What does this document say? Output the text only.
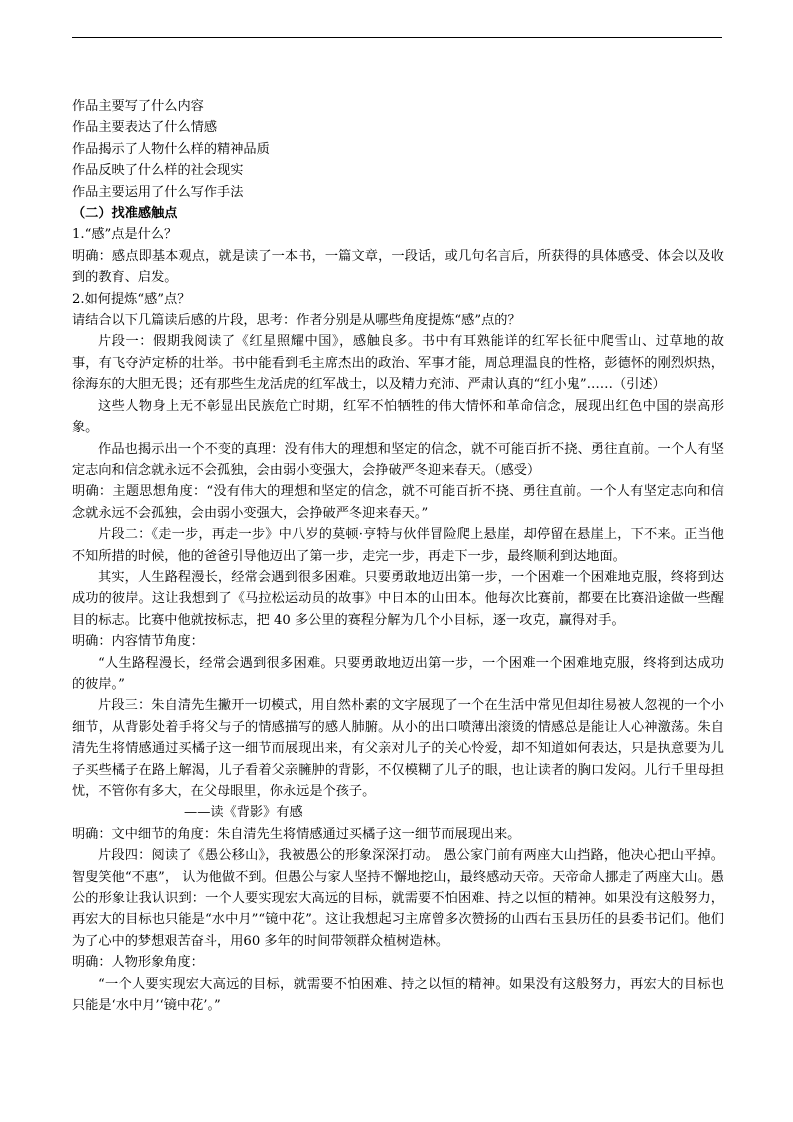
作品主要写了什么内容

作品主要表达了什么情感

作品揭示了人物什么样的精神品质

作品反映了什么样的社会现实

作品主要运用了什么写作手法

（二）找准感触点

1.“感”点是什么？

明确：感点即基本观点，就是读了一本书，一篇文章，一段话，或几句名言后，所获得的具体感受、体会以及收到的教育、启发。

2.如何提炼“感”点？

请结合以下几篇读后感的片段，思考：作者分别是从哪些角度提炼“感”点的？

片段一：假期我阅读了《红星照耀中国》，感触良多。书中有耳熟能详的红军长征中爬雪山、过草地的故事，有飞夺泸定桥的壮举。书中能看到毛主席杰出的政治、军事才能，周总理温良的性格，彭德怀的刚烈炽热，徐海东的大胆无畏；还有那些生龙活虎的红军战士，以及精力充沛、严肃认真的“红小鬼”……（引述）

这些人物身上无不彰显出民族危亡时期，红军不怕牺牲的伟大情怀和革命信念，展现出红色中国的崇高形象。

作品也揭示出一个不变的真理：没有伟大的理想和坚定的信念，就不可能百折不挠、勇往直前。一个人有坚定志向和信念就永远不会孤独，会由弱小变强大，会挣破严冬迎来春天。（感受）

明确：主题思想角度：“没有伟大的理想和坚定的信念，就不可能百折不挠、勇往直前。一个人有坚定志向和信念就永远不会孤独，会由弱小变强大，会挣破严冬迎来春天。”

片段二：《走一步，再走一步》中八岁的莫顿·亨特与伙伴冒险爬上悬崖，却停留在悬崖上，下不来。正当他不知所措的时候，他的爸爸引导他迈出了第一步，走完一步，再走下一步，最终顺利到达地面。

其实，人生路程漫长，经常会遇到很多困难。只要勇敢地迈出第一步，一个困难一个困难地克服，终将到达成功的彼岸。这让我想到了《马拉松运动员的故事》中日本的山田本。他每次比赛前，都要在比赛沿途做一些醒目的标志。比赛中他就按标志，把 40 多公里的赛程分解为几个小目标，逐一攻克，赢得对手。

明确：内容情节角度：

“人生路程漫长，经常会遇到很多困难。只要勇敢地迈出第一步，一个困难一个困难地克服，终将到达成功的彼岸。”

片段三：朱自清先生撇开一切模式，用自然朴素的文字展现了一个在生活中常见但却往易被人忽视的一个小细节，从背影处着手将父与子的情感描写的感人肺腑。从小的出口喷薄出滚烫的情感总是能让人心神激荡。朱自清先生将情感通过买橘子这一细节而展现出来，有父亲对儿子的关心怜爱，却不知道如何表达，只是执意要为儿子买些橘子在路上解渴，儿子看着父亲臃肿的背影，不仅模糊了儿子的眼，也让读者的胸口发闷。儿行千里母担忧，不管你有多大，在父母眼里，你永远是个孩子。

——读《背影》有感

明确：文中细节的角度：朱自清先生将情感通过买橘子这一细节而展现出来。

片段四：阅读了《愚公移山》，我被愚公的形象深深打动。 愚公家门前有两座大山挡路，他决心把山平掉。智叟笑他“不惠”， 认为他做不到。但愚公与家人坚持不懈地挖山，最终感动天帝。天帝命人挪走了两座大山。愚公的形象让我认识到：一个人要实现宏大高远的目标，就需要不怕困难、持之以恒的精神。如果没有这般努力，再宏大的目标也只能是“水中月”“镜中花”。这让我想起习主席曾多次赞扬的山西右玉县历任的县委书记们。他们为了心中的梦想艰苦奋斗，用60 多年的时间带领群众植树造林。

明确：人物形象角度：

“一个人要实现宏大高远的目标，就需要不怕困难、持之以恒的精神。如果没有这般努力，再宏大的目标也只能是‘水中月’‘镜中花’。”
